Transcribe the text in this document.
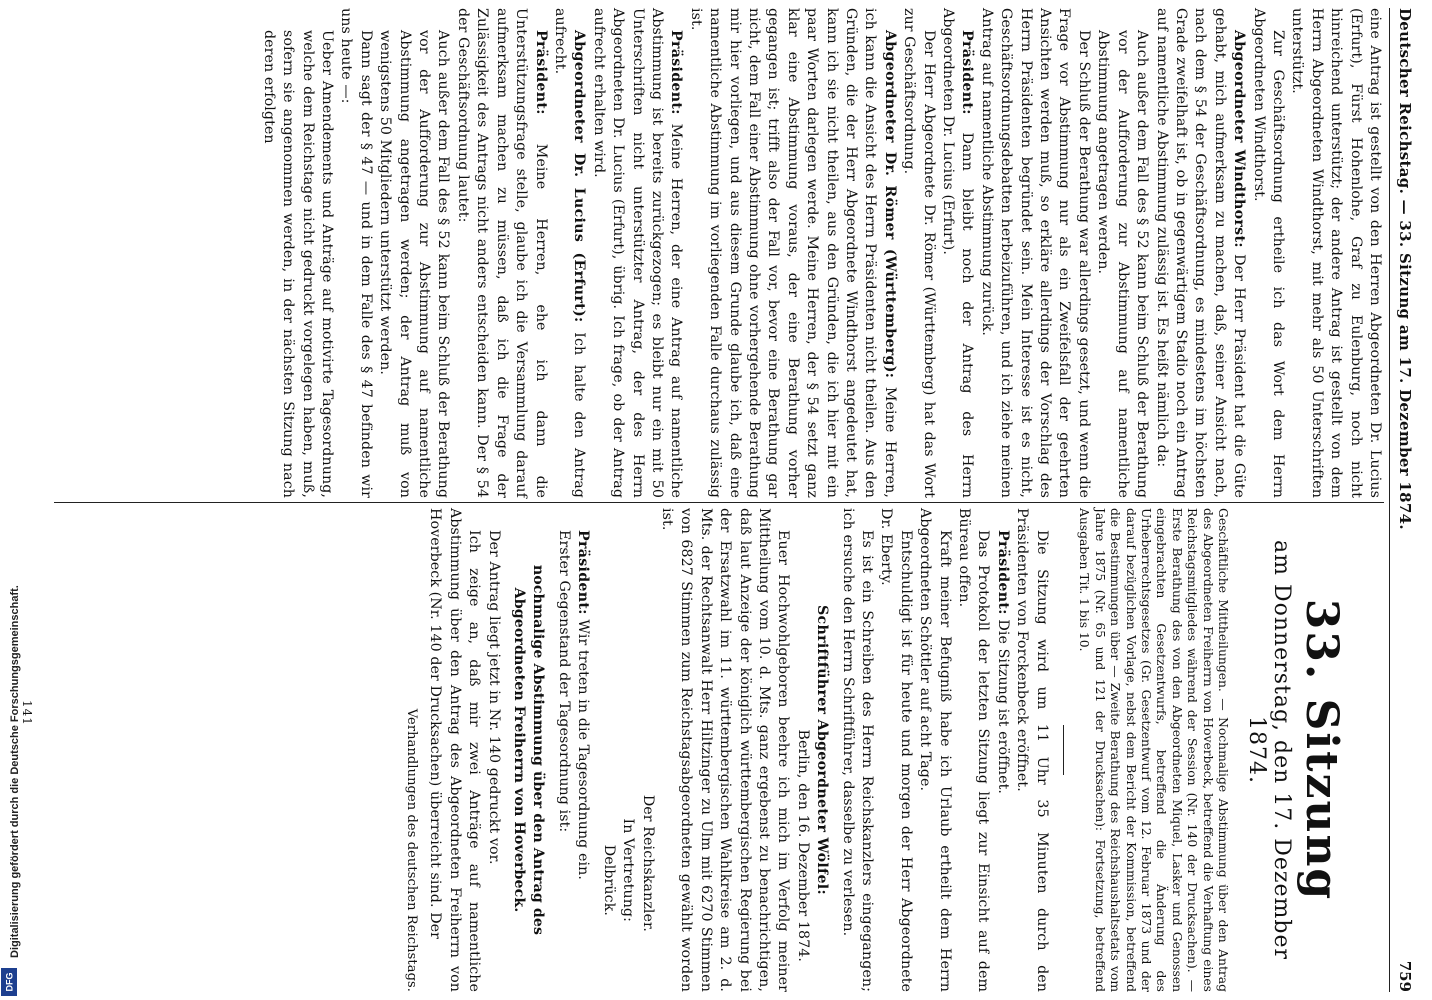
Deutscher Reichstag. — 33. Sitzung am 17. Dezember 1874.
759

eine Antrag ist gestellt von den Herren Abgeordneten Dr. Lucius (Erfurt), Fürst Hohenlohe, Graf zu Eulenburg, noch nicht hinreichend unterstützt; der andere Antrag ist gestellt von dem Herrn Abgeordneten Windthorst, mit mehr als 50 Unterschriften unterstützt.

Zur Geschäftsordnung ertheile ich das Wort dem Herrn Abgeordneten Windthorst.

Abgeordneter Windthorst: Der Herr Präsident hat die Güte gehabt, mich aufmerksam zu machen, daß, seiner Ansicht nach, nach dem § 54 der Geschäftsordnung, es mindestens im höchsten Grade zweifelhaft ist, ob in gegenwärtigem Stadio noch ein Antrag auf namentliche Abstimmung zulässig ist. Es heißt nämlich da:

Auch außer dem Fall des § 52 kann beim Schluß der Berathung vor der Aufforderung zur Abstimmung auf namentliche Abstimmung angetragen werden.

Der Schluß der Berathung war allerdings gesetzt, und wenn die Frage vor Abstimmung nur als ein Zweifelsfall der geehrten Ansichten werden muß, so erkläre allerdings der Vorschlag des Herrn Präsidenten begründet sein. Mein Interesse ist es nicht, Geschäftsordnungsdebatten herbeizuführen, und ich ziehe meinen Antrag auf namentliche Abstimmung zurück.

Präsident: Dann bleibt noch der Antrag des Herrn Abgeordneten Dr. Lucius (Erfurt).

Der Herr Abgeordnete Dr. Römer (Württemberg) hat das Wort zur Geschäftsordnung.

Abgeordneter Dr. Römer (Württemberg): Meine Herren, ich kann die Ansicht des Herrn Präsidenten nicht theilen. Aus den Gründen, die der Herr Abgeordnete Windthorst angedeutet hat, kann ich sie nicht theilen, aus den Gründen, die ich hier mit ein paar Worten darlegen werde. Meine Herren, der § 54 setzt ganz klar eine Abstimmung voraus, der eine Berathung vorher gegangen ist; trifft also der Fall vor, bevor eine Berathung gar nicht, dem Fall einer Abstimmung ohne vorhergehende Berathung mir hier vorliegen, und aus diesem Grunde glaube ich, daß eine namentliche Abstimmung im vorliegenden Falle durchaus zulässig ist.

Präsident: Meine Herren, der eine Antrag auf namentliche Abstimmung ist bereits zurückgezogen; es bleibt nur ein mit 50 Unterschriften nicht unterstützter Antrag, der des Herrn Abgeordneten Dr. Lucius (Erfurt), übrig. Ich frage, ob der Antrag aufrecht erhalten wird.

Abgeordneter Dr. Lucius (Erfurt): Ich halte den Antrag aufrecht.

Präsident: Meine Herren, ehe ich dann die Unterstützungsfrage stelle, glaube ich die Versammlung darauf aufmerksam machen zu müssen, daß ich die Frage der Zulässigkeit des Antrags nicht anders entscheiden kann. Der § 54 der Geschäftsordnung lautet:

Auch außer dem Fall des § 52 kann beim Schluß der Berathung vor der Aufforderung zur Abstimmung auf namentliche Abstimmung angetragen werden; der Antrag muß von wenigstens 50 Mitgliedern unterstützt werden.

Dann sagt der § 47 — und in dem Falle des § 47 befinden wir uns heute —:

Ueber Amendements und Anträge auf motivirte Tagesordnung, welche dem Reichstage nicht gedruckt vorgelegen haben, muß, sofern sie angenommen werden, in der nächsten Sitzung nach deren erfolgten

33. Sitzung
am Donnerstag, den 17. Dezember 1874.

Geschäftliche Mittheilungen. — Nochmalige Abstimmung über den Antrag des Abgeordneten Freiherrn von Hoverbeck, betreffend die Verhaftung eines Reichstagsmitgliedes während der Session (Nr. 140 der Drucksachen). — Erste Berathung des von den Abgeordneten Miquel, Lasker und Genossen eingebrachten Gesetzentwurfs, betreffend die Änderung des Urheberrechtsgesetzes (Gr. Gesetzentwurf vom 12. Februar 1873 und der darauf bezüglichen Vorlage, nebst dem Bericht der Kommission, betreffend die Bestimmungen über — Zweite Berathung des Reichshaushaltsetats vom Jahre 1875 (Nr. 65 und 121 der Drucksachen): Fortsetzung, betreffend Ausgaben Tit. 1 bis 10.

Die Sitzung wird um 11 Uhr 35 Minuten durch den Präsidenten von Forckenbeck eröffnet.

Präsident: Die Sitzung ist eröffnet.

Das Protokoll der letzten Sitzung liegt zur Einsicht auf dem Büreau offen.

Kraft meiner Befugniß habe ich Urlaub ertheilt dem Herrn Abgeordneten Schöttler auf acht Tage.

Entschuldigt ist für heute und morgen der Herr Abgeordnete Dr. Eberty.

Es ist ein Schreiben des Herrn Reichskanzlers eingegangen; ich ersuche den Herrn Schriftführer, dasselbe zu verlesen.

Schriftführer Abgeordneter Wölfel:

Berlin, den 16. Dezember 1874.

Euer Hochwohlgeboren beehre ich mich im Verfolg meiner Mittheilung vom 10. d. Mts. ganz ergebenst zu benachrichtigen, daß laut Anzeige der königlich württembergischen Regierung bei der Ersatzwahl im 11. württembergischen Wahlkreise am 2. d. Mts. der Rechtsanwalt Herr Hiltzinger zu Ulm mit 6270 Stimmen von 6827 Stimmen zum Reichstagsabgeordneten gewählt worden ist.

Der Reichskanzler.

In Vertretung:

Delbrück.

Präsident: Wir treten in die Tagesordnung ein.

Erster Gegenstand der Tagesordnung ist:

nochmalige Abstimmung über den Antrag des Abgeordneten Freiherrn von Hoverbeck.

Der Antrag liegt jetzt in Nr. 140 gedruckt vor.

Ich zeige an, daß mir zwei Anträge auf namentliche Abstimmung über den Antrag des Abgeordneten Freiherrn von Hoverbeck (Nr. 140 der Drucksachen) überreicht sind. Der

Verhandlungen des deutschen Reichstags.

141
DFG
Digitalisierung gefördert durch die Deutsche Forschungsgemeinschaft.
